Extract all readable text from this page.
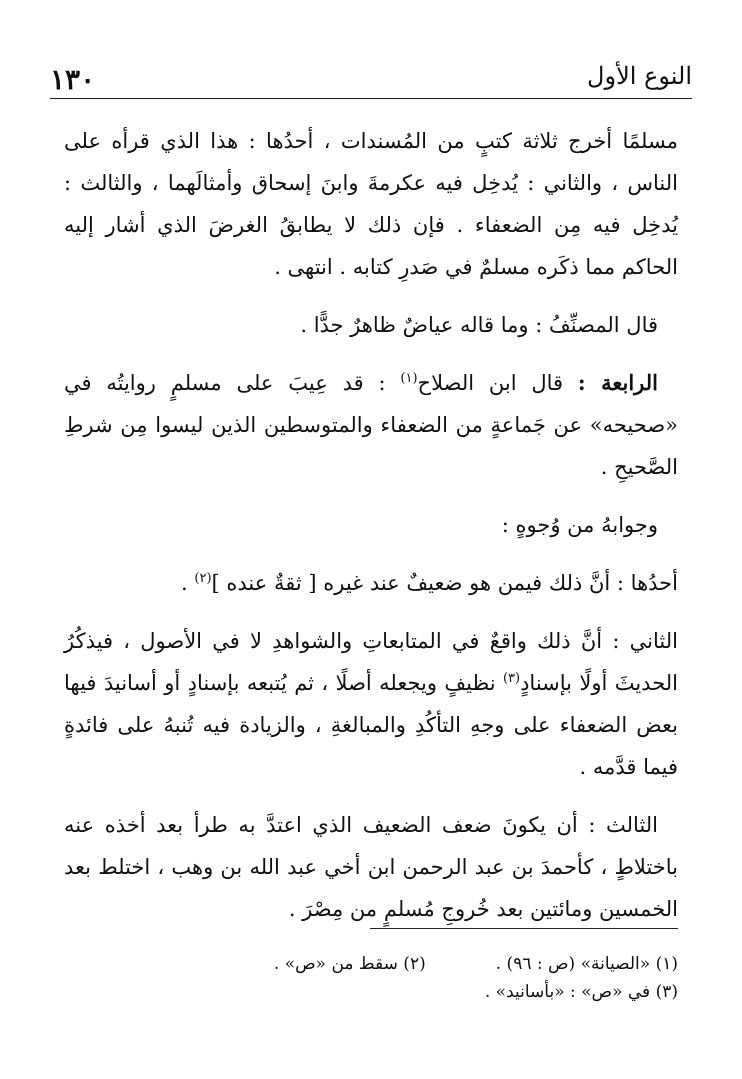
النوع الأول
١٣٠

مسلمًا أخرج ثلاثة كتبٍ من المُسندات ، أحدُها : هذا الذي قرأه على الناس ، والثاني : يُدخِل فيه عكرمةَ وابنَ إسحاق وأمثالَهما ، والثالث : يُدخِل فيه مِن الضعفاء . فإن ذلك لا يطابقُ الغرضَ الذي أشار إليه الحاكم مما ذكَره مسلمٌ في صَدرِ كتابه . انتهى .

قال المصنِّفُ : وما قاله عياضٌ ظاهرٌ جدًّا .

الرابعة : قال ابن الصلاح$^{(١)}$ : قد عِيبَ على مسلمٍ روايتُه في «صحيحه» عن جَماعةٍ من الضعفاء والمتوسطين الذين ليسوا مِن شرطِ الصَّحيحِ .

وجوابهُ من وُجوهٍ :

أحدُها : أنَّ ذلك فيمن هو ضعيفٌ عند غيره [ ثقةٌ عنده ]$^{(٢)}$ .

الثاني : أنَّ ذلك واقعٌ في المتابعاتِ والشواهدِ لا في الأصول ، فيذكُرُ الحديثَ أولًا بإسنادٍ$^{(٣)}$ نظيفٍ ويجعله أصلًا ، ثم يُتبعه بإسنادٍ أو أسانيدَ فيها بعض الضعفاء على وجهِ التأكُدِ والمبالغةِ ، والزيادة فيه تُنبهُ على فائدةٍ فيما قدَّمه .

الثالث : أن يكونَ ضعف الضعيف الذي اعتدَّ به طرأ بعد أخذه عنه باختلاطٍ ، كأحمدَ بن عبد الرحمن ابن أخي عبد الله بن وهب ، اختلط بعد الخمسين ومائتين بعد خُروجِ مُسلمٍ من مِصْرَ .

(١) «الصيانة» (ص : ٩٦) .
(٢) سقط من «ص» .
(٣) في «ص» : «بأسانيد» .
